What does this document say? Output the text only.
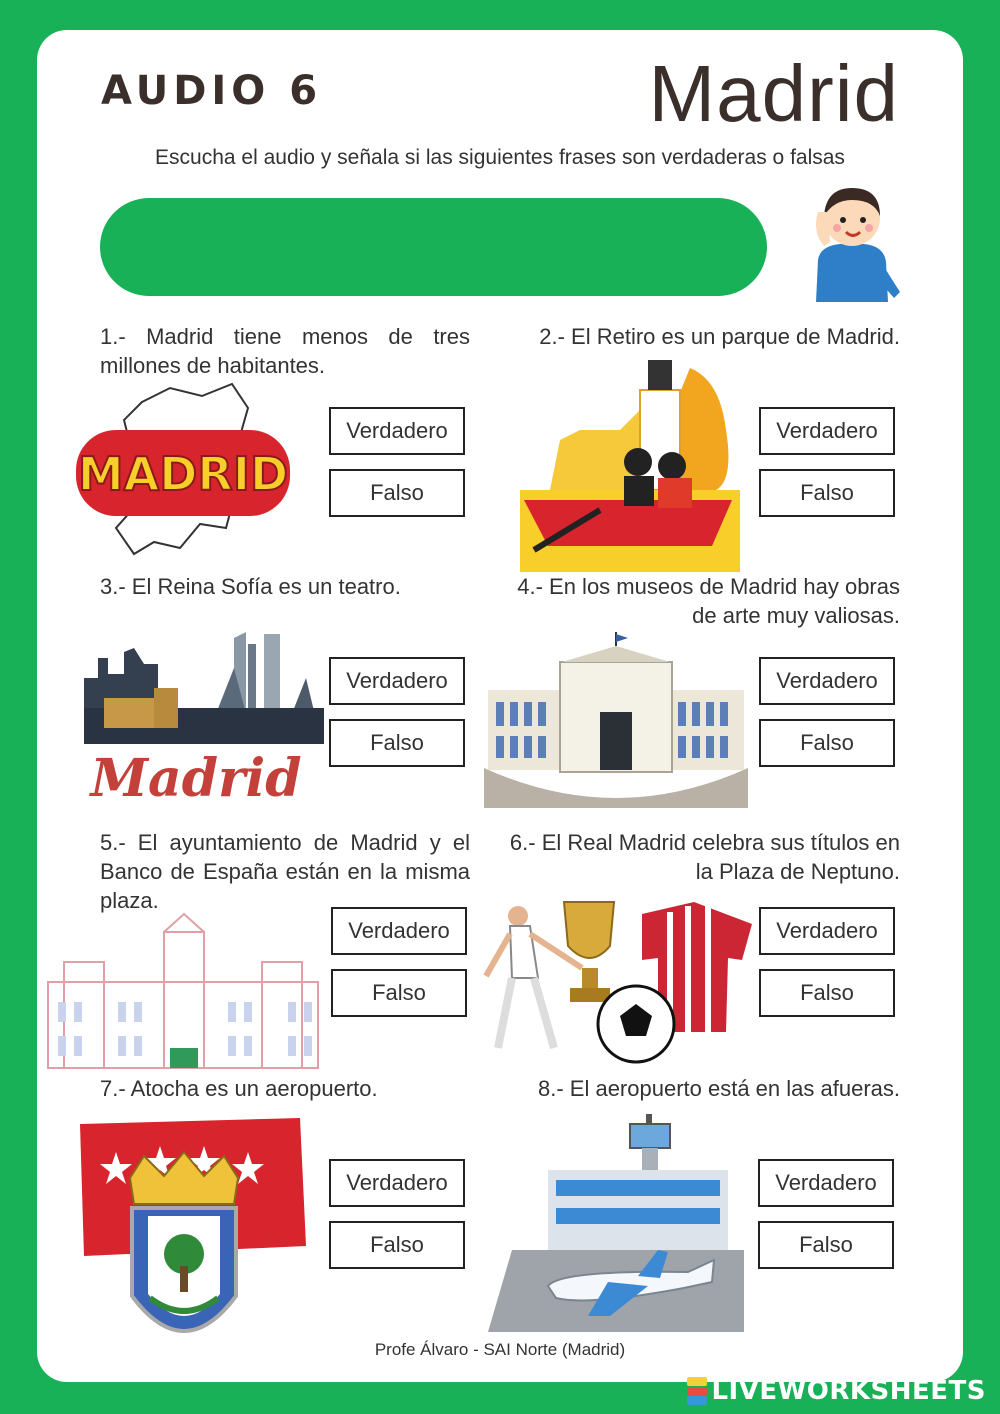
AUDIO 6	Madrid
Escucha el audio y señala si las siguientes frases son verdaderas o falsas

1.- Madrid tiene menos de tres millones de habitantes.

MADRID
Verdadero
Falso

2.- El Retiro es un parque de Madrid.

Verdadero
Falso

3.- El Reina Sofía es un teatro.

Madrid
Verdadero
Falso

4.- En los museos de Madrid hay obras de arte muy valiosas.

Verdadero
Falso

5.- El ayuntamiento de Madrid y el Banco de España están en la misma plaza.

Verdadero
Falso

6.- El Real Madrid celebra sus títulos en la Plaza de Neptuno.

Verdadero
Falso

7.- Atocha es un aeropuerto.

Verdadero
Falso

8.- El aeropuerto está en las afueras.

Verdadero
Falso
Profe Álvaro - SAI Norte (Madrid)
LIVEWORKSHEETS
